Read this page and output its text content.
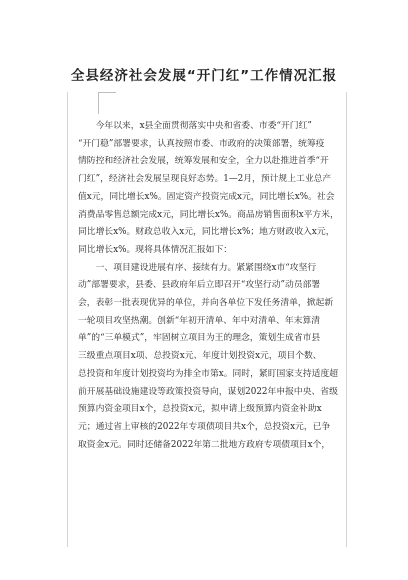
全县经济社会发展“开门红”工作情况汇报
　　今年以来，x县全面贯彻落实中央和省委、市委“开门红”
“开门稳”部署要求，认真按照市委、市政府的决策部署，统筹疫
情防控和经济社会发展，统筹发展和安全，全力以赴推进首季“开
门红”，经济社会发展呈现良好态势。1—2月，预计规上工业总产
值x元，同比增长x%。固定资产投资完成x元，同比增长x%。社会
消费品零售总额完成x元，同比增长x%。商品房销售面积x平方米，
同比增长x%。财政总收入x元，同比增长x%；地方财政收入x元，
同比增长x%。现将具体情况汇报如下：
　　一、项目建设进展有序、接续有力。紧紧围绕x市“攻坚行
动”部署要求，县委、县政府年后立即召开“攻坚行动”动员部署
会，表彰一批表现优异的单位，并向各单位下发任务清单，掀起新
一轮项目攻坚热潮。创新“年初开清单、年中对清单、年末算清
单”的“三单模式”，牢固树立项目为王的理念，策划生成省市县
三级重点项目x项、总投资x元、年度计划投资x元，项目个数、
总投资和年度计划投资均为排全市第x。同时，紧盯国家支持适度超
前开展基础设施建设等政策投资导向，谋划2022年申报中央、省级
预算内资金项目x个，总投资x元，拟申请上级预算内资金补助x
元；通过省上审核的2022年专项债项目共x个，总投资x元，已争
取资金x元。同时还储备2022年第二批地方政府专项债项目x个，
